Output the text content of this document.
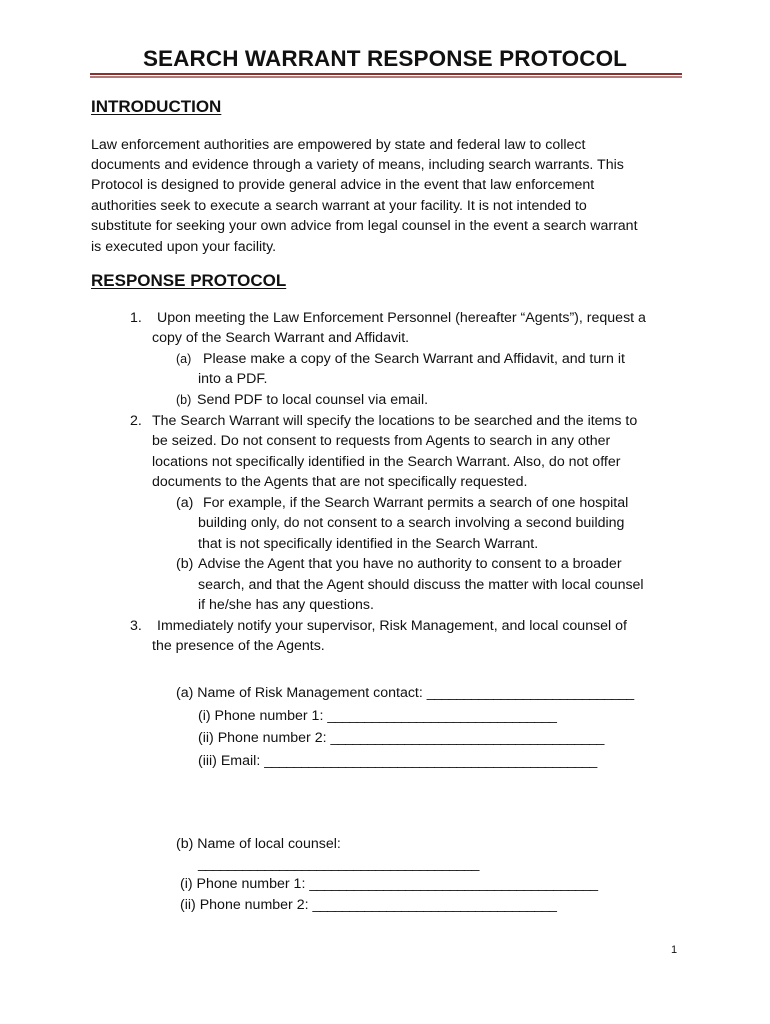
SEARCH WARRANT RESPONSE PROTOCOL
INTRODUCTION
Law enforcement authorities are empowered by state and federal law to collect
documents and evidence through a variety of means, including search warrants. This
Protocol is designed to provide general advice in the event that law enforcement
authorities seek to execute a search warrant at your facility. It is not intended to
substitute for seeking your own advice from legal counsel in the event a search warrant
is executed upon your facility.
RESPONSE PROTOCOL
1. Upon meeting the Law Enforcement Personnel (hereafter “Agents”), request a
copy of the Search Warrant and Affidavit.
(a) Please make a copy of the Search Warrant and Affidavit, and turn it
into a PDF.
(b) Send PDF to local counsel via email.
2. The Search Warrant will specify the locations to be searched and the items to
be seized. Do not consent to requests from Agents to search in any other
locations not specifically identified in the Search Warrant. Also, do not offer
documents to the Agents that are not specifically requested.
(a) For example, if the Search Warrant permits a search of one hospital
building only, do not consent to a search involving a second building
that is not specifically identified in the Search Warrant.
(b) Advise the Agent that you have no authority to consent to a broader
search, and that the Agent should discuss the matter with local counsel
if he/she has any questions.
3. Immediately notify your supervisor, Risk Management, and local counsel of
the presence of the Agents.
(a) Name of Risk Management contact: ____________________________
(i) Phone number 1: _______________________________
(ii) Phone number 2: _____________________________________
(iii) Email: _____________________________________________
(b) Name of local counsel:
______________________________________
(i) Phone number 1: _______________________________________
(ii) Phone number 2: _________________________________
1
